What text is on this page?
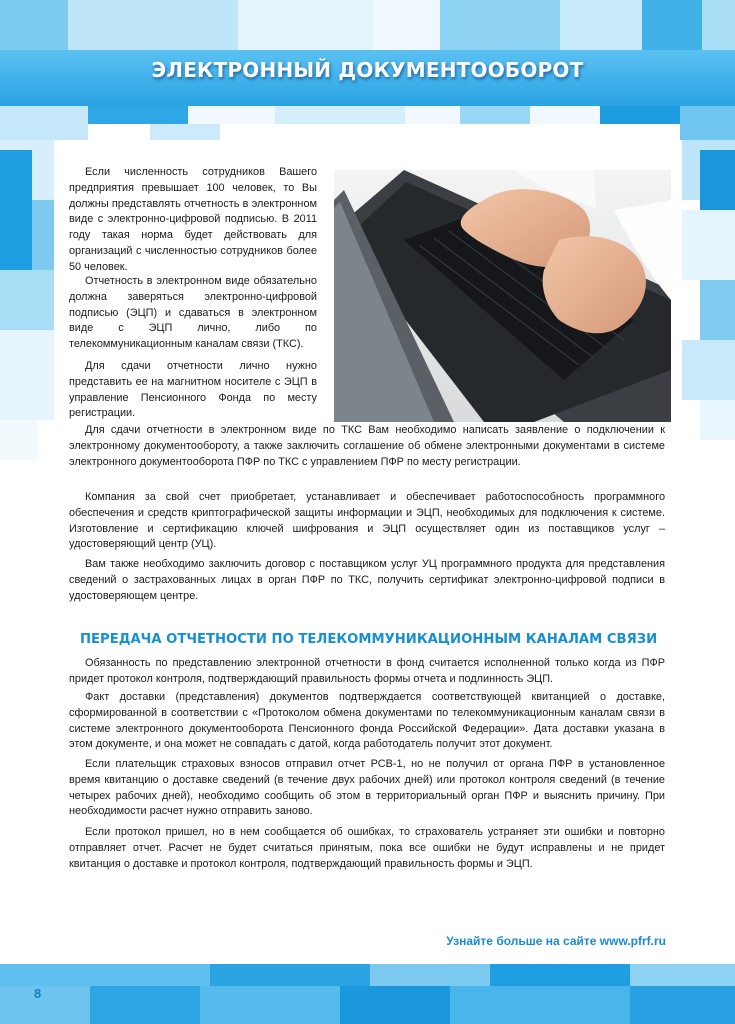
ЭЛЕКТРОННЫЙ ДОКУМЕНТООБОРОТ

Если численность сотрудников Вашего предприятия превышает 100 человек, то Вы должны представлять отчетность в электронном виде с электронно-цифровой подписью. В 2011 году такая норма будет действовать для организаций с численностью сотрудников более 50 человек.

Отчетность в электронном виде обязательно должна заверяться электронно-цифровой подписью (ЭЦП) и сдаваться в электронном виде с ЭЦП лично, либо по телекоммуникационным каналам связи (ТКС).

Для сдачи отчетности лично нужно представить ее на магнитном носителе с ЭЦП в управление Пенсионного Фонда по месту регистрации.

Для сдачи отчетности в электронном виде по ТКС Вам необходимо написать заявление о подключении к электронному документообороту, а также заключить соглашение об обмене электронными документами в системе электронного документооборота ПФР по ТКС с управлением ПФР по месту регистрации.

Компания за свой счет приобретает, устанавливает и обеспечивает работоспособность программного обеспечения и средств криптографической защиты информации и ЭЦП, необходимых для подключения к системе. Изготовление и сертификацию ключей шифрования и ЭЦП осуществляет один из поставщиков услуг – удостоверяющий центр (УЦ).

Вам также необходимо заключить договор с поставщиком услуг УЦ программного продукта для представления сведений о застрахованных лицах в орган ПФР по ТКС, получить сертификат электронно-цифровой подписи в удостоверяющем центре.

ПЕРЕДАЧА ОТЧЕТНОСТИ ПО ТЕЛЕКОММУНИКАЦИОННЫМ КАНАЛАМ СВЯЗИ

Обязанность по представлению электронной отчетности в фонд считается исполненной только когда из ПФР придет протокол контроля, подтверждающий правильность формы отчета и подлинность ЭЦП.

Факт доставки (представления) документов подтверждается соответствующей квитанцией о доставке, сформированной в соответствии с «Протоколом обмена документами по телекоммуникационным каналам связи в системе электронного документооборота Пенсионного фонда Российской Федерации». Дата доставки указана в этом документе, и она может не совпадать с датой, когда работодатель получит этот документ.

Если плательщик страховых взносов отправил отчет РСВ-1, но не получил от органа ПФР в установленное время квитанцию о доставке сведений (в течение двух рабочих дней) или протокол контроля сведений (в течение четырех рабочих дней), необходимо сообщить об этом в территориальный орган ПФР и выяснить причину. При необходимости расчет нужно отправить заново.

Если протокол пришел, но в нем сообщается об ошибках, то страхователь устраняет эти ошибки и повторно отправляет отчет. Расчет не будет считаться принятым, пока все ошибки не будут исправлены и не придет квитанция о доставке и протокол контроля, подтверждающий правильность формы и ЭЦП.

Узнайте больше на сайте www.pfrf.ru
8
